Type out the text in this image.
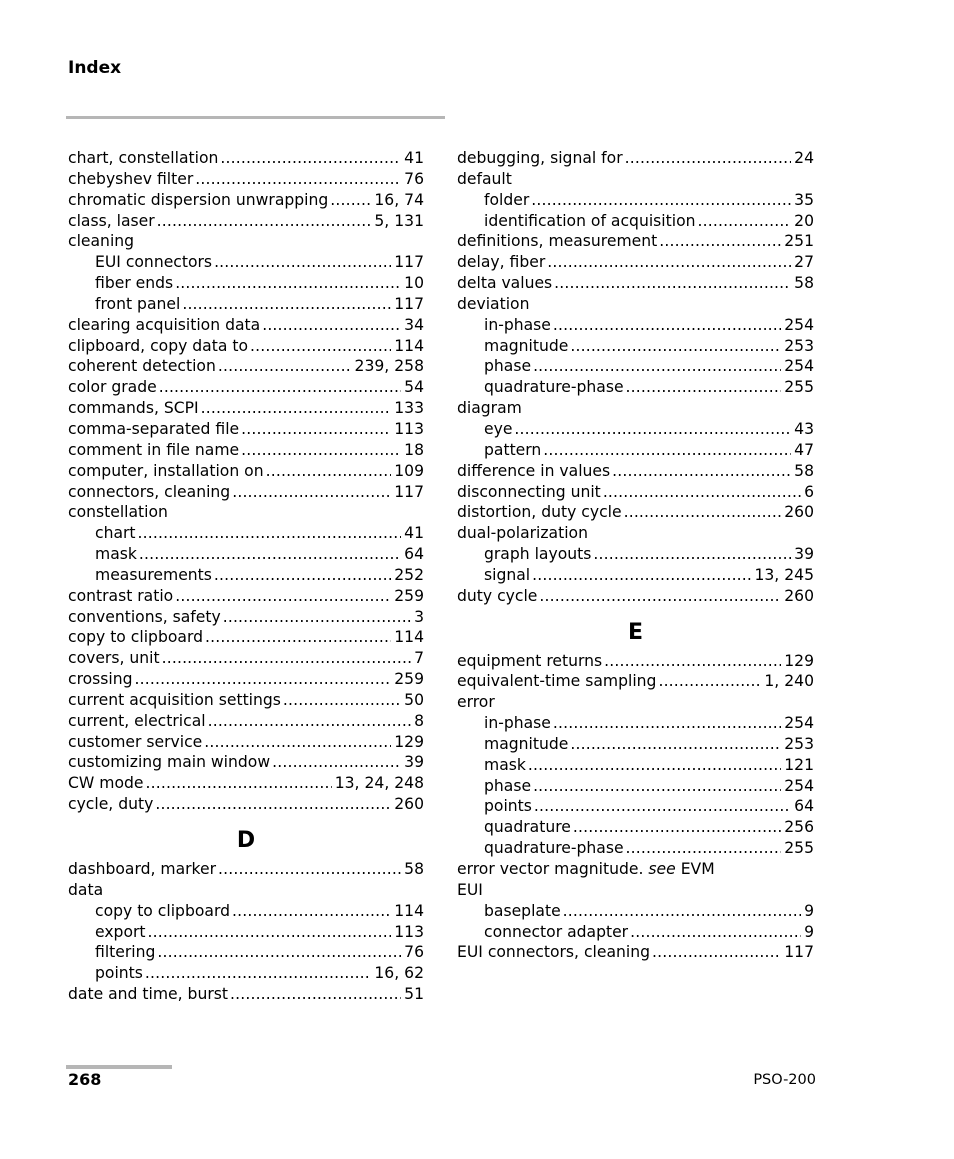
Index
chart, constellation . . .	41
chebyshev filter . . .	76
chromatic dispersion unwrapping . . .	16, 74
class, laser . . .	5, 131
cleaning
EUI connectors . . .	117
fiber ends . . .	10
front panel . . .	117
clearing acquisition data . . .	34
clipboard, copy data to . . .	114
coherent detection . . .	239, 258
color grade . . .	54
commands, SCPI . . .	133
comma-separated file . . .	113
comment in file name . . .	18
computer, installation on . . .	109
connectors, cleaning . . .	117
constellation
chart . . .	41
mask . . .	64
measurements . . .	252
contrast ratio . . .	259
conventions, safety . . .	3
copy to clipboard . . .	114
covers, unit . . .	7
crossing . . .	259
current acquisition settings . . .	50
current, electrical . . .	8
customer service . . .	129
customizing main window . . .	39
CW mode . . .	13, 24, 248
cycle, duty . . .	260
D
dashboard, marker . . .	58
data
copy to clipboard . . .	114
export . . .	113
filtering . . .	76
points . . .	16, 62
date and time, burst . . .	51
debugging, signal for . . .	24
default
folder . . .	35
identification of acquisition . . .	20
definitions, measurement . . .	251
delay, fiber . . .	27
delta values . . .	58
deviation
in-phase . . .	254
magnitude . . .	253
phase . . .	254
quadrature-phase . . .	255
diagram
eye . . .	43
pattern . . .	47
difference in values . . .	58
disconnecting unit . . .	6
distortion, duty cycle . . .	260
dual-polarization
graph layouts . . .	39
signal . . .	13, 245
duty cycle . . .	260
E
equipment returns . . .	129
equivalent-time sampling . . .	1, 240
error
in-phase . . .	254
magnitude . . .	253
mask . . .	121
phase . . .	254
points . . .	64
quadrature . . .	256
quadrature-phase . . .	255
error vector magnitude. see EVM
EUI
baseplate . . .	9
connector adapter . . .	9
EUI connectors, cleaning . . .	117
268	PSO-200
